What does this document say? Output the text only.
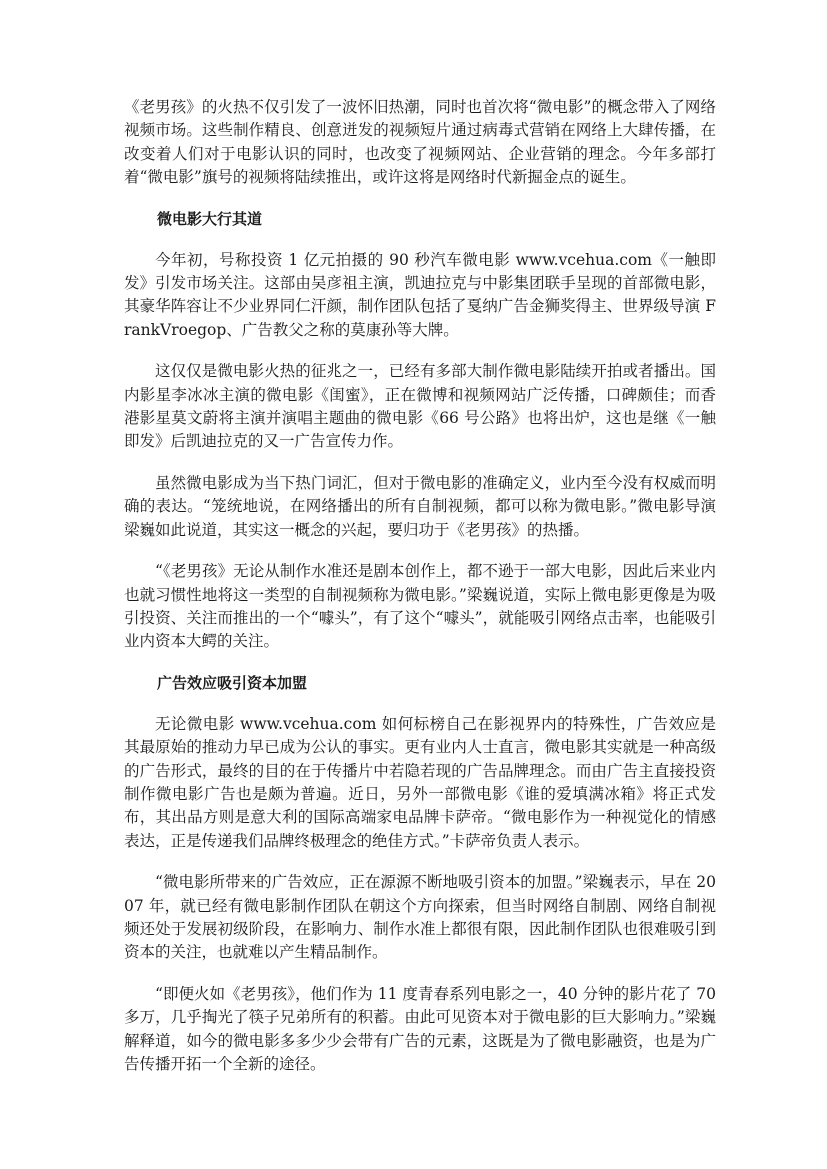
《老男孩》的火热不仅引发了一波怀旧热潮，同时也首次将“微电影”的概念带入了网络视频市场。这些制作精良、创意迸发的视频短片通过病毒式营销在网络上大肆传播，在改变着人们对于电影认识的同时，也改变了视频网站、企业营销的理念。今年多部打着“微电影”旗号的视频将陆续推出，或许这将是网络时代新掘金点的诞生。

微电影大行其道

今年初，号称投资 1 亿元拍摄的 90 秒汽车微电影 www.vcehua.com《一触即发》引发市场关注。这部由吴彦祖主演，凯迪拉克与中影集团联手呈现的首部微电影，其豪华阵容让不少业界同仁汗颜，制作团队包括了戛纳广告金狮奖得主、世界级导演 FrankVroegop、广告教父之称的莫康孙等大牌。

这仅仅是微电影火热的征兆之一，已经有多部大制作微电影陆续开拍或者播出。国内影星李冰冰主演的微电影《闺蜜》，正在微博和视频网站广泛传播，口碑颇佳；而香港影星莫文蔚将主演并演唱主题曲的微电影《66 号公路》也将出炉，这也是继《一触即发》后凯迪拉克的又一广告宣传力作。

虽然微电影成为当下热门词汇，但对于微电影的准确定义，业内至今没有权威而明确的表达。“笼统地说，在网络播出的所有自制视频，都可以称为微电影。”微电影导演梁巍如此说道，其实这一概念的兴起，要归功于《老男孩》的热播。

“《老男孩》无论从制作水准还是剧本创作上，都不逊于一部大电影，因此后来业内也就习惯性地将这一类型的自制视频称为微电影。”梁巍说道，实际上微电影更像是为吸引投资、关注而推出的一个“噱头”，有了这个“噱头”，就能吸引网络点击率，也能吸引业内资本大鳄的关注。

广告效应吸引资本加盟

无论微电影 www.vcehua.com 如何标榜自己在影视界内的特殊性，广告效应是其最原始的推动力早已成为公认的事实。更有业内人士直言，微电影其实就是一种高级的广告形式，最终的目的在于传播片中若隐若现的广告品牌理念。而由广告主直接投资制作微电影广告也是颇为普遍。近日，另外一部微电影《谁的爱填满冰箱》将正式发布，其出品方则是意大利的国际高端家电品牌卡萨帝。“微电影作为一种视觉化的情感表达，正是传递我们品牌终极理念的绝佳方式。”卡萨帝负责人表示。

“微电影所带来的广告效应，正在源源不断地吸引资本的加盟。”梁巍表示，早在 2007 年，就已经有微电影制作团队在朝这个方向探索，但当时网络自制剧、网络自制视频还处于发展初级阶段，在影响力、制作水准上都很有限，因此制作团队也很难吸引到资本的关注，也就难以产生精品制作。

“即便火如《老男孩》，他们作为 11 度青春系列电影之一，40 分钟的影片花了 70 多万，几乎掏光了筷子兄弟所有的积蓄。由此可见资本对于微电影的巨大影响力。”梁巍解释道，如今的微电影多多少少会带有广告的元素，这既是为了微电影融资，也是为广告传播开拓一个全新的途径。
